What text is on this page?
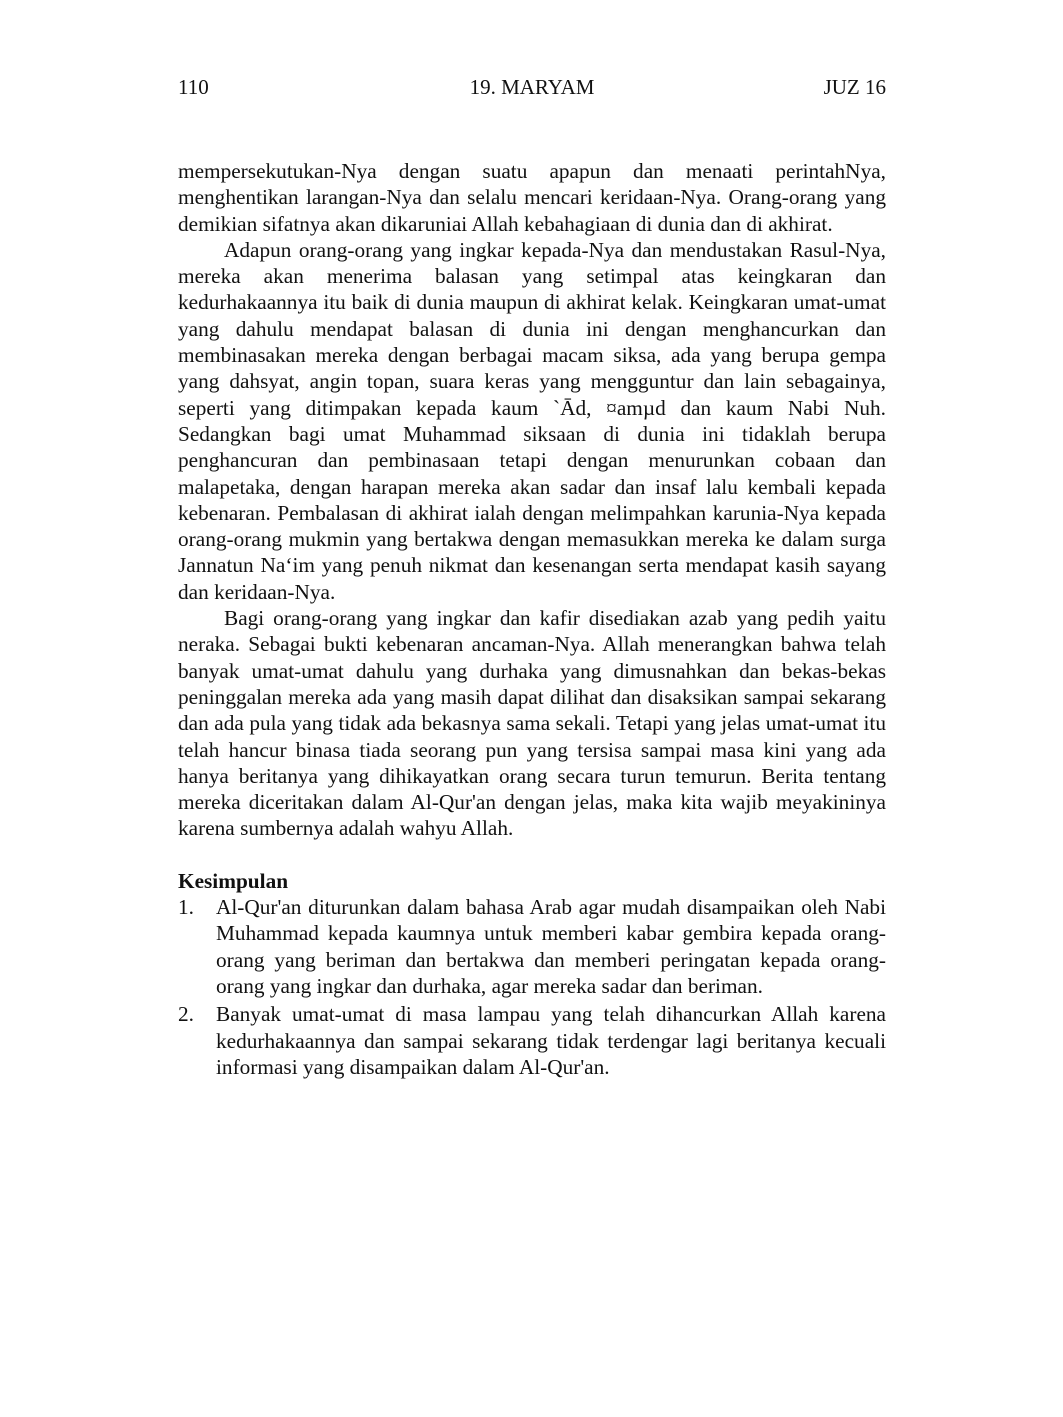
110	19. MARYAM	JUZ 16

mempersekutukan-Nya dengan suatu apapun dan menaati perintahNya, menghentikan larangan-Nya dan selalu mencari keridaan-Nya. Orang-orang yang demikian sifatnya akan dikaruniai Allah kebahagiaan di dunia dan di akhirat.

Adapun orang-orang yang ingkar kepada-Nya dan mendustakan Rasul-Nya, mereka akan menerima balasan yang setimpal atas keingkaran dan kedurhakaannya itu baik di dunia maupun di akhirat kelak. Keingkaran umat-umat yang dahulu mendapat balasan di dunia ini dengan menghancurkan dan membinasakan mereka dengan berbagai macam siksa, ada yang berupa gempa yang dahsyat, angin topan, suara keras yang mengguntur dan lain sebagainya, seperti yang ditimpakan kepada kaum `Ād, ¤amµd dan kaum Nabi Nuh. Sedangkan bagi umat Muhammad siksaan di dunia ini tidaklah berupa penghancuran dan pembinasaan tetapi dengan menurunkan cobaan dan malapetaka, dengan harapan mereka akan sadar dan insaf lalu kembali kepada kebenaran. Pembalasan di akhirat ialah dengan melimpahkan karunia-Nya kepada orang-orang mukmin yang bertakwa dengan memasukkan mereka ke dalam surga Jannatun Na‘im yang penuh nikmat dan kesenangan serta mendapat kasih sayang dan keridaan-Nya.

Bagi orang-orang yang ingkar dan kafir disediakan azab yang pedih yaitu neraka. Sebagai bukti kebenaran ancaman-Nya. Allah menerangkan bahwa telah banyak umat-umat dahulu yang durhaka yang dimusnahkan dan bekas-bekas peninggalan mereka ada yang masih dapat dilihat dan disaksikan sampai sekarang dan ada pula yang tidak ada bekasnya sama sekali. Tetapi yang jelas umat-umat itu telah hancur binasa tiada seorang pun yang tersisa sampai masa kini yang ada hanya beritanya yang dihikayatkan orang secara turun temurun. Berita tentang mereka diceritakan dalam Al-Qur'an dengan jelas, maka kita wajib meyakininya karena sumbernya adalah wahyu Allah.

Kesimpulan
1. Al-Qur'an diturunkan dalam bahasa Arab agar mudah disampaikan oleh Nabi Muhammad kepada kaumnya untuk memberi kabar gembira kepada orang-orang yang beriman dan bertakwa dan memberi peringatan kepada orang-orang yang ingkar dan durhaka, agar mereka sadar dan beriman.
2. Banyak umat-umat di masa lampau yang telah dihancurkan Allah karena kedurhakaannya dan sampai sekarang tidak terdengar lagi beritanya kecuali informasi yang disampaikan dalam Al-Qur'an.
